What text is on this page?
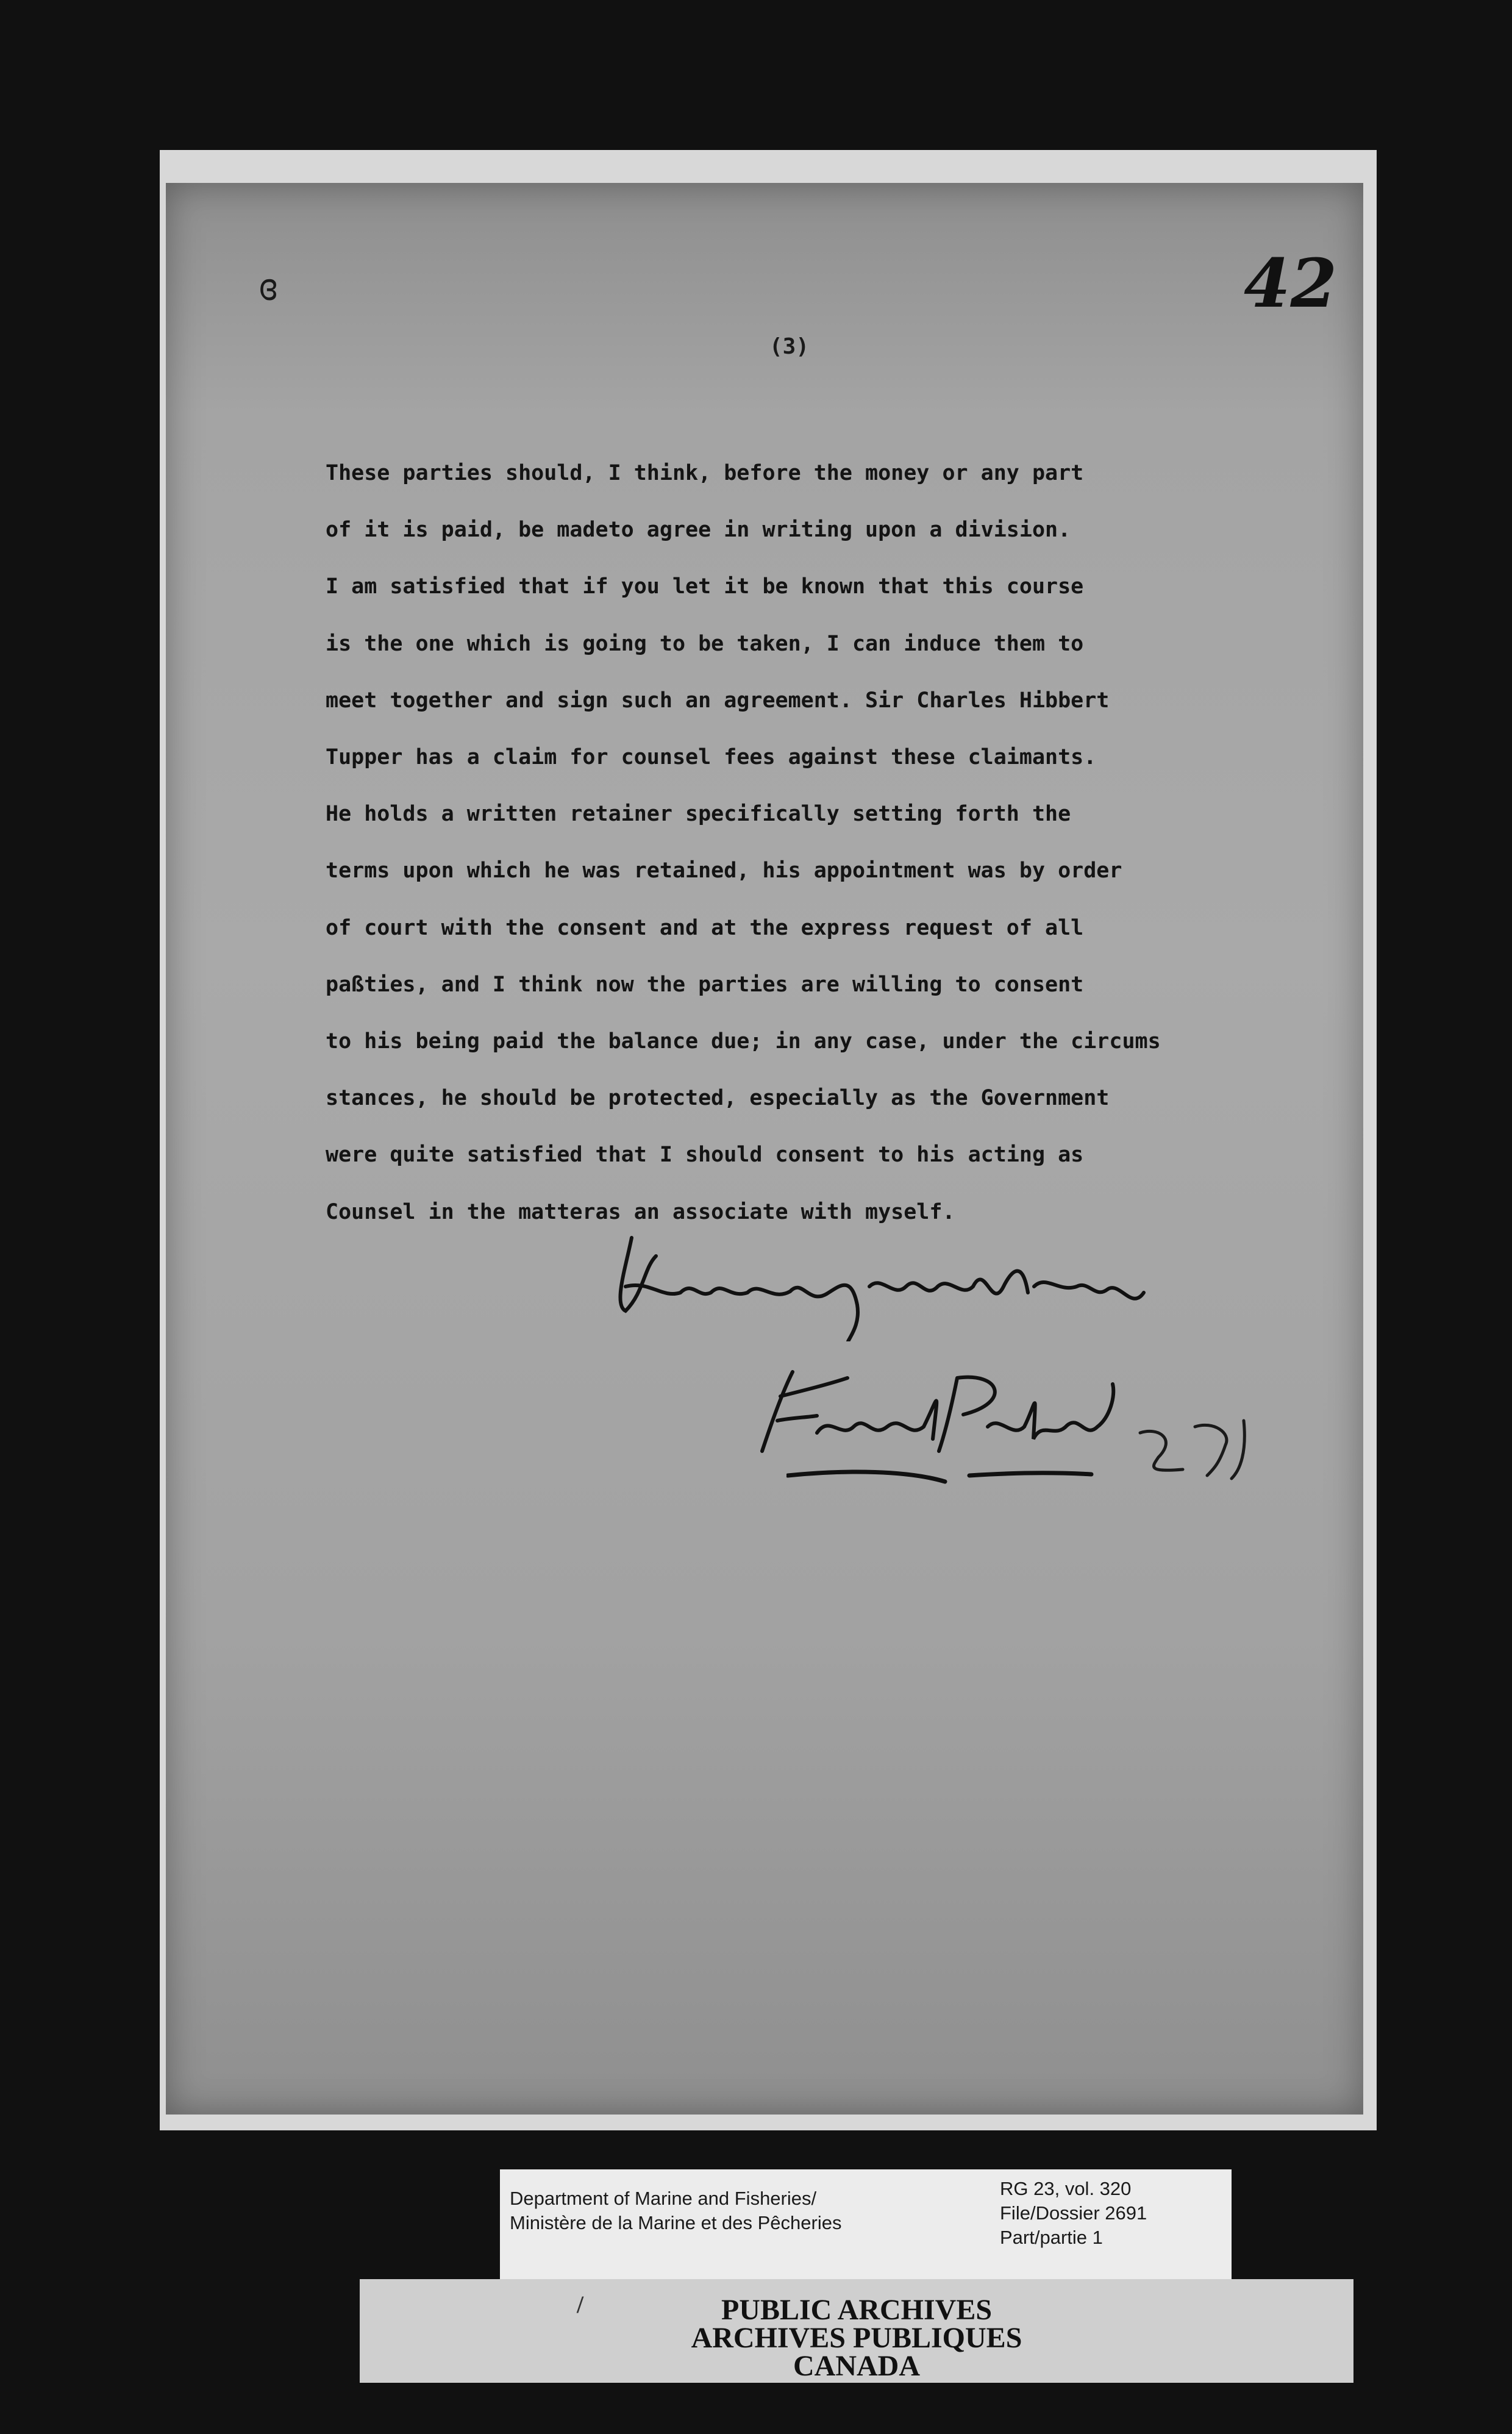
ɞ	42
(3)
These parties should, I think, before the money or any part
of it is paid, be madeto agree in writing upon a division.
I am satisfied that if you let it be known that this course
is the one which is going to be taken, I can induce them to
meet together and sign such an agreement. Sir Charles Hibbert
Tupper has a claim for counsel fees against these claimants.
He holds a written retainer specifically setting forth the
terms upon which he was retained, his appointment was by order
of court with the consent and at the express request of all
paßties, and I think now the parties are willing to consent
to his being paid the balance due; in any case, under the circums
stances, he should be protected, especially as the Government
were quite satisfied that I should consent to his acting as
Counsel in the matteras an associate with myself.
Department of Marine and Fisheries/
Ministère de la Marine et des Pêcheries
RG 23, vol. 320
File/Dossier 2691
Part/partie 1
/	PUBLIC ARCHIVES
ARCHIVES PUBLIQUES
CANADA
